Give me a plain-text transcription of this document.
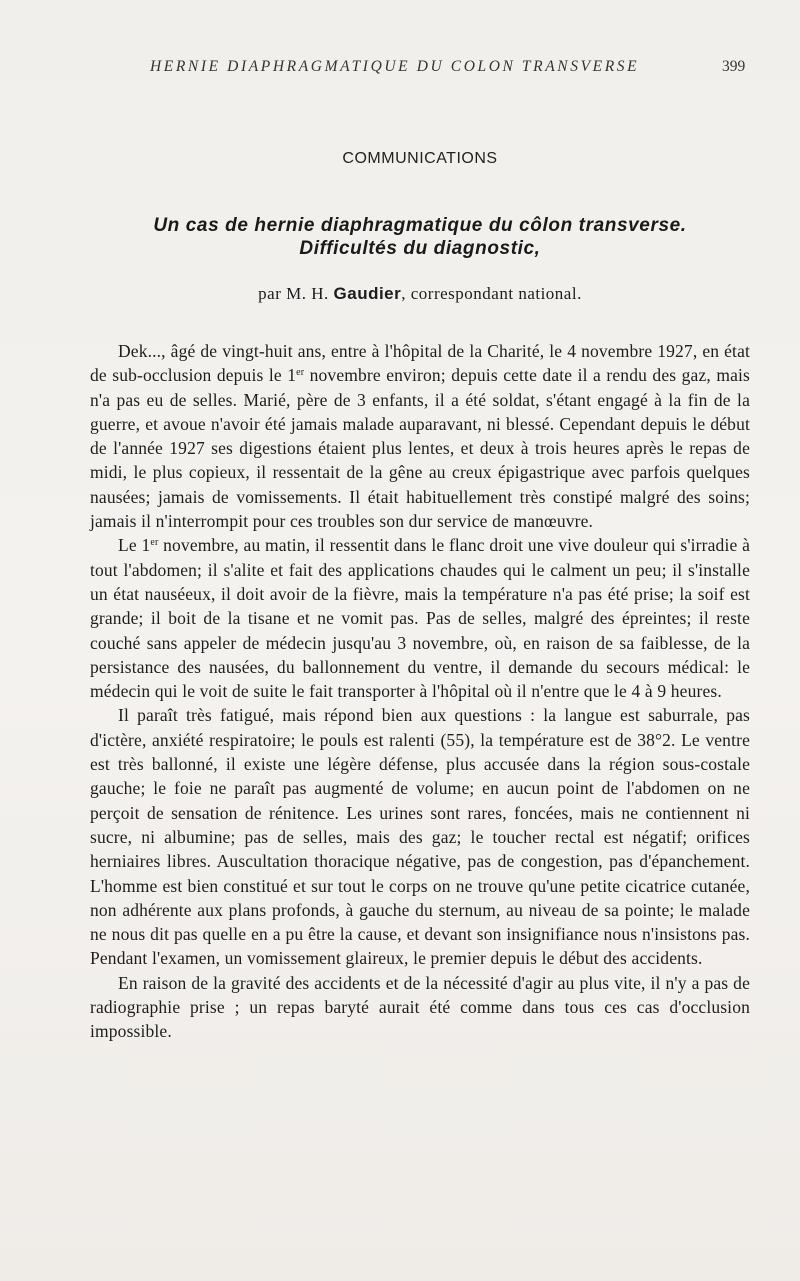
HERNIE DIAPHRAGMATIQUE DU COLON TRANSVERSE	399
COMMUNICATIONS
Un cas de hernie diaphragmatique du côlon transverse.
Difficultés du diagnostic,
par M. H. Gaudier, correspondant national.

Dek..., âgé de vingt-huit ans, entre à l'hôpital de la Charité, le 4 novembre 1927, en état de sub-occlusion depuis le 1er novembre environ; depuis cette date il a rendu des gaz, mais n'a pas eu de selles. Marié, père de 3 enfants, il a été soldat, s'étant engagé à la fin de la guerre, et avoue n'avoir été jamais malade auparavant, ni blessé. Cependant depuis le début de l'année 1927 ses digestions étaient plus lentes, et deux à trois heures après le repas de midi, le plus copieux, il ressentait de la gêne au creux épigastrique avec parfois quelques nausées; jamais de vomissements. Il était habituellement très constipé malgré des soins; jamais il n'interrompit pour ces troubles son dur service de manœuvre.

Le 1er novembre, au matin, il ressentit dans le flanc droit une vive douleur qui s'irradie à tout l'abdomen; il s'alite et fait des applications chaudes qui le calment un peu; il s'installe un état nauséeux, il doit avoir de la fièvre, mais la température n'a pas été prise; la soif est grande; il boit de la tisane et ne vomit pas. Pas de selles, malgré des épreintes; il reste couché sans appeler de médecin jusqu'au 3 novembre, où, en raison de sa faiblesse, de la persistance des nausées, du ballonnement du ventre, il demande du secours médical: le médecin qui le voit de suite le fait transporter à l'hôpital où il n'entre que le 4 à 9 heures.

Il paraît très fatigué, mais répond bien aux questions : la langue est saburrale, pas d'ictère, anxiété respiratoire; le pouls est ralenti (55), la température est de 38°2. Le ventre est très ballonné, il existe une légère défense, plus accusée dans la région sous-costale gauche; le foie ne paraît pas augmenté de volume; en aucun point de l'abdomen on ne perçoit de sensation de rénitence. Les urines sont rares, foncées, mais ne contiennent ni sucre, ni albumine; pas de selles, mais des gaz; le toucher rectal est négatif; orifices herniaires libres. Auscultation thoracique négative, pas de congestion, pas d'épanchement. L'homme est bien constitué et sur tout le corps on ne trouve qu'une petite cicatrice cutanée, non adhérente aux plans profonds, à gauche du sternum, au niveau de sa pointe; le malade ne nous dit pas quelle en a pu être la cause, et devant son insignifiance nous n'insistons pas. Pendant l'examen, un vomissement glaireux, le premier depuis le début des accidents.

En raison de la gravité des accidents et de la nécessité d'agir au plus vite, il n'y a pas de radiographie prise ; un repas baryté aurait été comme dans tous ces cas d'occlusion impossible.
